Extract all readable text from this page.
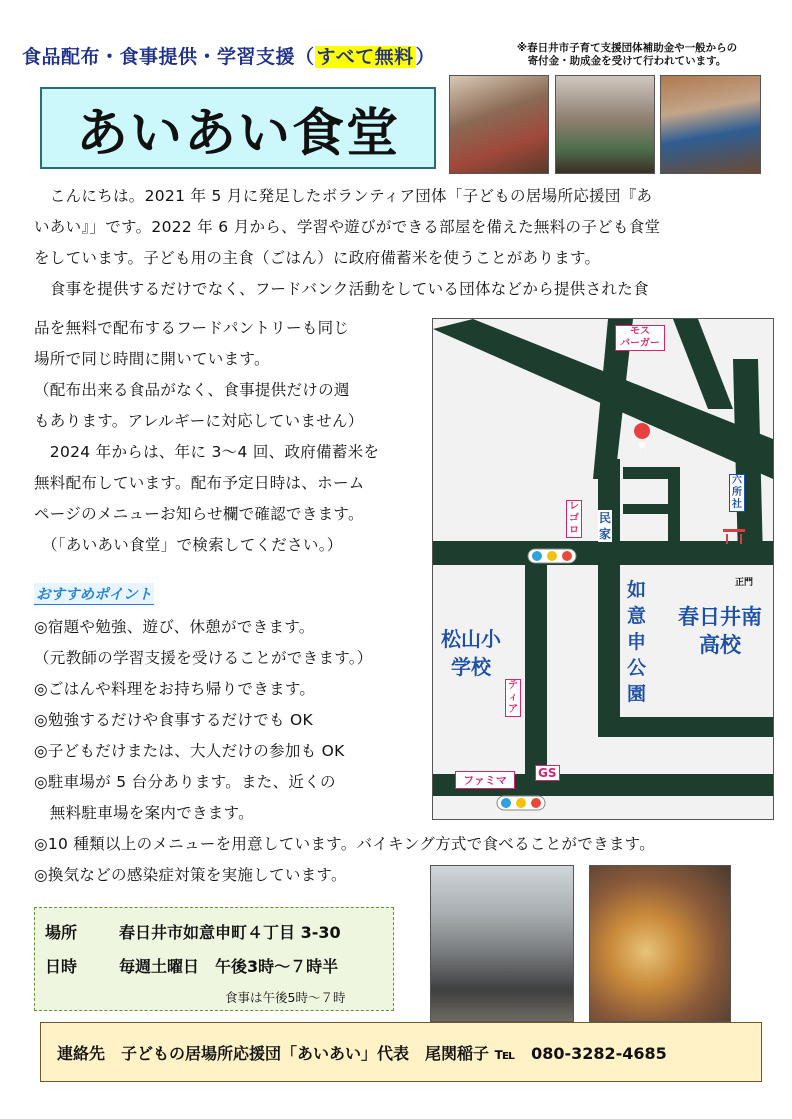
食品配布・食事提供・学習支援（ すべて無料 ）	※春日井市子育て支援団体補助金や一般からの
寄付金・助成金を受けて行われています。
あいあい食堂
　こんにちは。2021 年 5 月に発足したボランティア団体「子どもの居場所応援団『あ
いあい』」です。2022 年 6 月から、学習や遊びができる部屋を備えた無料の子ども食堂
をしています。子ども用の主食（ごはん）に政府備蓄米を使うことがあります。
　食事を提供するだけでなく、フードバンク活動をしている団体などから提供された食
品を無料で配布するフードパントリーも同じ
場所で同じ時間に開いています。
（配布出来る食品がなく、食事提供だけの週
もあります。アレルギーに対応していません）
　2024 年からは、年に 3〜4 回、政府備蓄米を
無料配布しています。配布予定日時は、ホーム
ページのメニューお知らせ欄で確認できます。
　（「あいあい食堂」で検索してください。）
モス
バーガー
六所社
レゴロ
民家
正門
如意申公園
春日井南高校
松山小学校
ティア
ファミマ
GS
おすすめポイント
◎宿題や勉強、遊び、休憩ができます。
（元教師の学習支援を受けることができます。）
◎ごはんや料理をお持ち帰りできます。
◎勉強するだけや食事するだけでも OK
◎子どもだけまたは、大人だけの参加も OK
◎駐車場が 5 台分あります。また、近くの
　無料駐車場を案内できます。
◎10 種類以上のメニューを用意しています。バイキング方式で食べることができます。
◎換気などの感染症対策を実施しています。
場所	春日井市如意申町４丁目 3-30
日時	毎週土曜日　午後3時〜７時半
食事は午後5時〜７時
連絡先　子どもの居場所応援団「あいあい」代表　尾関稲子 ℡　080-3282-4685
